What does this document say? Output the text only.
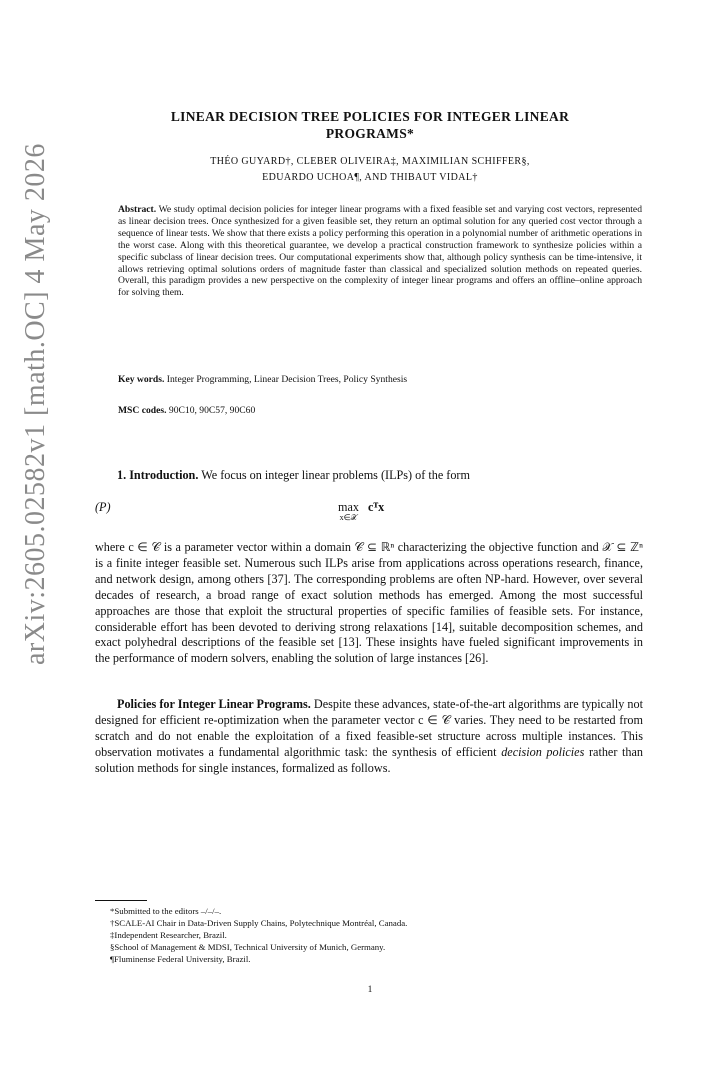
arXiv:2605.02582v1 [math.OC] 4 May 2026
LINEAR DECISION TREE POLICIES FOR INTEGER LINEAR
PROGRAMS*
THÉO GUYARD†, CLEBER OLIVEIRA‡, MAXIMILIAN SCHIFFER§,
EDUARDO UCHOA¶, AND THIBAUT VIDAL†
Abstract. We study optimal decision policies for integer linear programs with a fixed feasible set and varying cost vectors, represented as linear decision trees. Once synthesized for a given feasible set, they return an optimal solution for any queried cost vector through a sequence of linear tests. We show that there exists a policy performing this operation in a polynomial number of arithmetic operations in the worst case. Along with this theoretical guarantee, we develop a practical construction framework to synthesize policies within a specific subclass of linear decision trees. Our computational experiments show that, although policy synthesis can be time-intensive, it allows retrieving optimal solutions orders of magnitude faster than classical and specialized solution methods on repeated queries. Overall, this paradigm provides a new perspective on the complexity of integer linear programs and offers an offline–online approach for solving them.
Key words. Integer Programming, Linear Decision Trees, Policy Synthesis
MSC codes. 90C10, 90C57, 90C60
1. Introduction. We focus on integer linear problems (ILPs) of the form
(P)	max
x∈𝒳
cᵀx
where c ∈ 𝒞 is a parameter vector within a domain 𝒞 ⊆ ℝⁿ characterizing the objective function and 𝒳 ⊆ ℤⁿ is a finite integer feasible set. Numerous such ILPs arise from applications across operations research, finance, and network design, among others [37]. The corresponding problems are often NP-hard. However, over several decades of research, a broad range of exact solution methods has emerged. Among the most successful approaches are those that exploit the structural properties of specific families of feasible sets. For instance, considerable effort has been devoted to deriving strong relaxations [14], suitable decomposition schemes, and exact polyhedral descriptions of the feasible set [13]. These insights have fueled significant improvements in the performance of modern solvers, enabling the solution of large instances [26].
Policies for Integer Linear Programs. Despite these advances, state-of-the-art algorithms are typically not designed for efficient re-optimization when the parameter vector c ∈ 𝒞 varies. They need to be restarted from scratch and do not enable the exploitation of a fixed feasible-set structure across multiple instances. This observation motivates a fundamental algorithmic task: the synthesis of efficient decision policies rather than solution methods for single instances, formalized as follows.
*Submitted to the editors –/–/–.
†SCALE-AI Chair in Data-Driven Supply Chains, Polytechnique Montréal, Canada.
‡Independent Researcher, Brazil.
§School of Management & MDSI, Technical University of Munich, Germany.
¶Fluminense Federal University, Brazil.
1
